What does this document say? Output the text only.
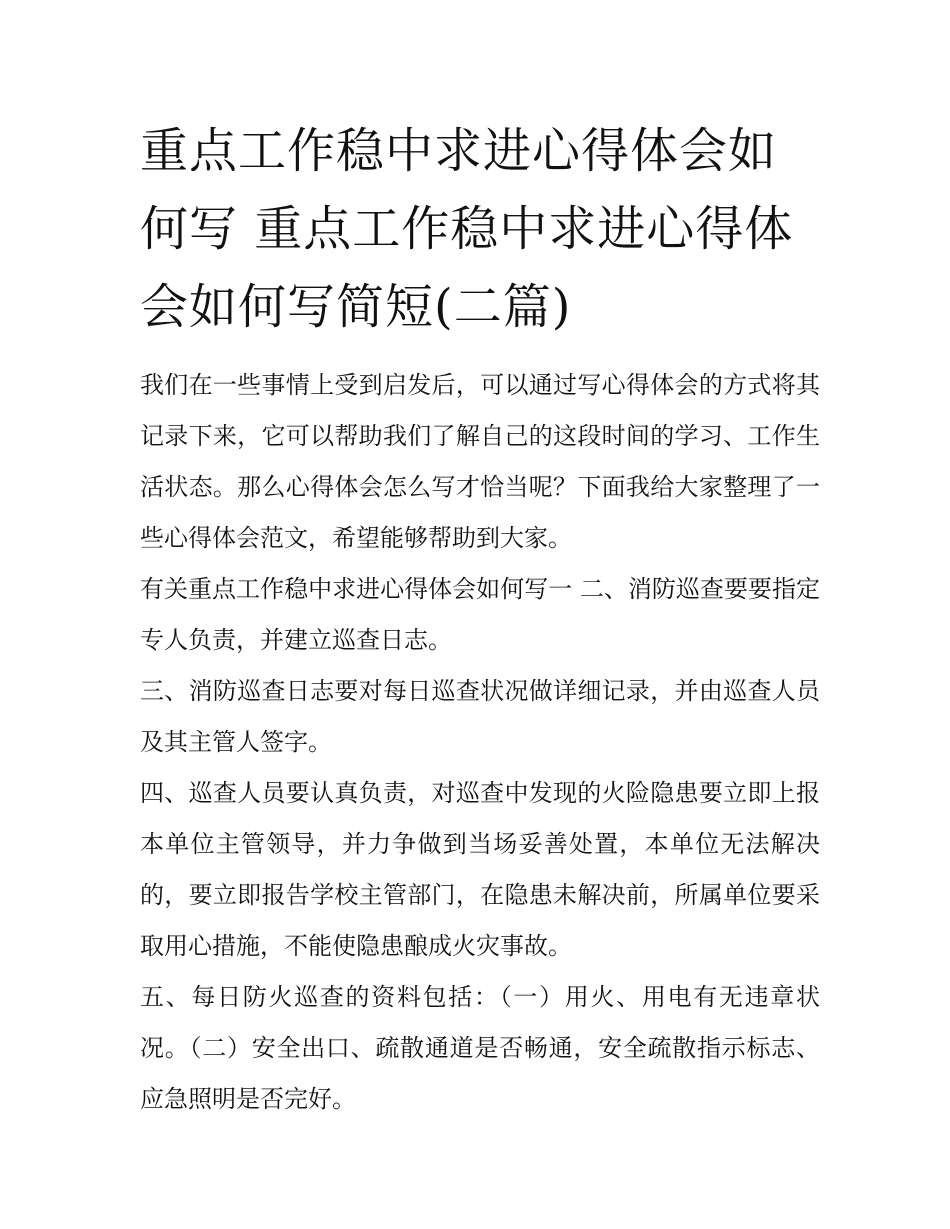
重点工作稳中求进心得体会如何写 重点工作稳中求进心得体会如何写简短(二篇)

我们在一些事情上受到启发后，可以通过写心得体会的方式将其记录下来，它可以帮助我们了解自己的这段时间的学习、工作生活状态。那么心得体会怎么写才恰当呢？下面我给大家整理了一些心得体会范文，希望能够帮助到大家。

有关重点工作稳中求进心得体会如何写一 二、消防巡查要要指定专人负责，并建立巡查日志。

三、消防巡查日志要对每日巡查状况做详细记录，并由巡查人员及其主管人签字。

四、巡查人员要认真负责，对巡查中发现的火险隐患要立即上报本单位主管领导，并力争做到当场妥善处置，本单位无法解决的，要立即报告学校主管部门，在隐患未解决前，所属单位要采取用心措施，不能使隐患酿成火灾事故。

五、每日防火巡查的资料包括：（一）用火、用电有无违章状况。（二）安全出口、疏散通道是否畅通，安全疏散指示标志、应急照明是否完好。
